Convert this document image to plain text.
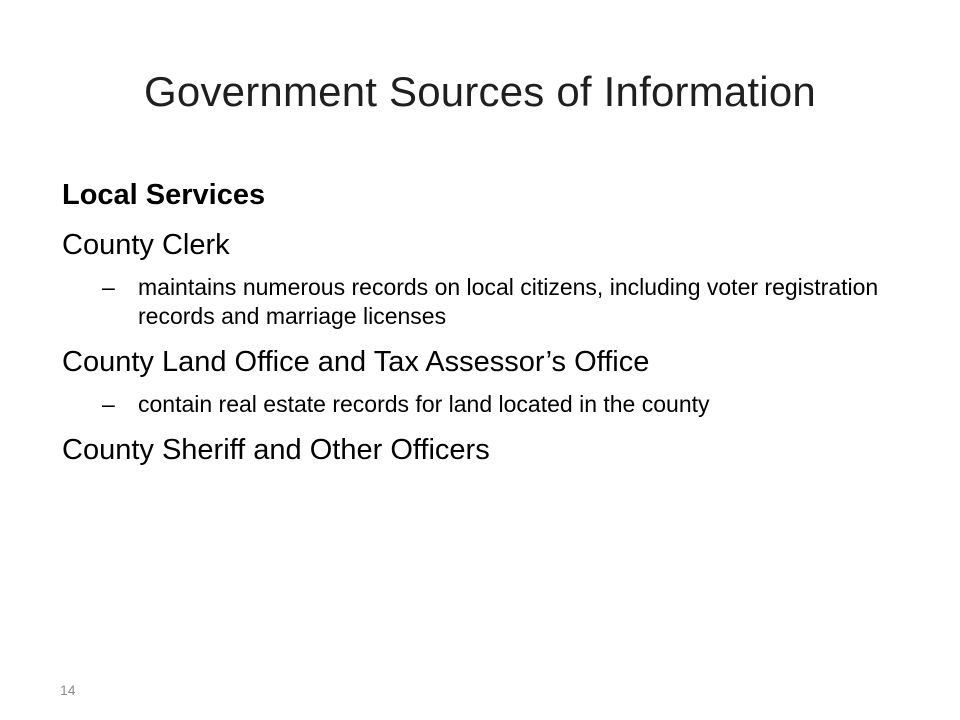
Government Sources of Information

Local Services

County Clerk

– maintains numerous records on local citizens, including voter registration records and marriage licenses

County Land Office and Tax Assessor’s Office

– contain real estate records for land located in the county

County Sheriff and Other Officers

14
